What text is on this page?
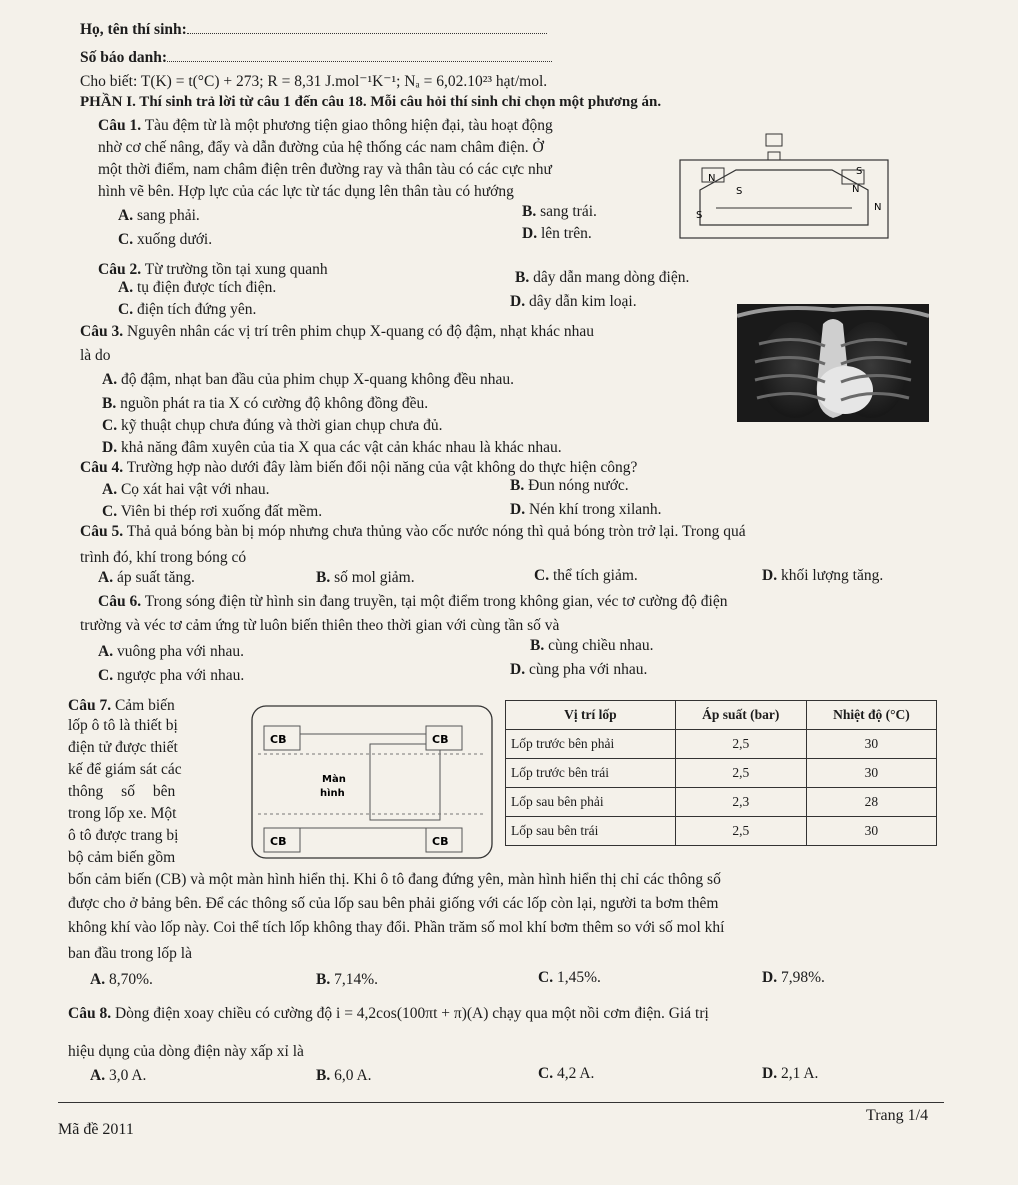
Họ, tên thí sinh:
Số báo danh:
Cho biết: T(K) = t(°C) + 273; R = 8,31 J.mol⁻¹K⁻¹; Nₐ = 6,02.10²³ hạt/mol.
PHẦN I. Thí sinh trả lời từ câu 1 đến câu 18. Mỗi câu hỏi thí sinh chỉ chọn một phương án.
Câu 1. Tàu đệm từ là một phương tiện giao thông hiện đại, tàu hoạt động
nhờ cơ chế nâng, đẩy và dẫn đường của hệ thống các nam châm điện. Ở
một thời điểm, nam châm điện trên đường ray và thân tàu có các cực như
hình vẽ bên. Hợp lực của các lực từ tác dụng lên thân tàu có hướng
A. sang phải.	B. sang trái.
C. xuống dưới.	D. lên trên.
N
S
S
N
S
N
Câu 2. Từ trường tồn tại xung quanh
A. tụ điện được tích điện.
B. dây dẫn mang dòng điện.
C. điện tích đứng yên.	D. dây dẫn kim loại.
Câu 3. Nguyên nhân các vị trí trên phim chụp X-quang có độ đậm, nhạt khác nhau
là do
A. độ đậm, nhạt ban đầu của phim chụp X-quang không đều nhau.
B. nguồn phát ra tia X có cường độ không đồng đều.
C. kỹ thuật chụp chưa đúng và thời gian chụp chưa đủ.
D. khả năng đâm xuyên của tia X qua các vật cản khác nhau là khác nhau.
Câu 4. Trường hợp nào dưới đây làm biến đổi nội năng của vật không do thực hiện công?
A. Cọ xát hai vật với nhau.	B. Đun nóng nước.
C. Viên bi thép rơi xuống đất mềm.	D. Nén khí trong xilanh.
Câu 5. Thả quả bóng bàn bị móp nhưng chưa thủng vào cốc nước nóng thì quả bóng tròn trở lại. Trong quá
trình đó, khí trong bóng có
A. áp suất tăng.	B. số mol giảm.	C. thể tích giảm.	D. khối lượng tăng.
Câu 6. Trong sóng điện từ hình sin đang truyền, tại một điểm trong không gian, véc tơ cường độ điện
trường và véc tơ cảm ứng từ luôn biến thiên theo thời gian với cùng tần số và
A. vuông pha với nhau.	B. cùng chiều nhau.
C. ngược pha với nhau.	D. cùng pha với nhau.
Câu 7. Cảm biến
lốp ô tô là thiết bị
điện tử được thiết
kế để giám sát các
thông số bên
trong lốp xe. Một
ô tô được trang bị
bộ cảm biến gồm
CB	CB
CB	CB
Màn
hình
Vị trí lốp	Áp suất (bar)	Nhiệt độ (°C)
Lốp trước bên phải	2,5	30
Lốp trước bên trái	2,5	30
Lốp sau bên phải	2,3	28
Lốp sau bên trái	2,5	30
bốn cảm biến (CB) và một màn hình hiển thị. Khi ô tô đang đứng yên, màn hình hiển thị chỉ các thông số
được cho ở bảng bên. Để các thông số của lốp sau bên phải giống với các lốp còn lại, người ta bơm thêm
không khí vào lốp này. Coi thể tích lốp không thay đổi. Phần trăm số mol khí bơm thêm so với số mol khí
ban đầu trong lốp là
A. 8,70%.	B. 7,14%.	C. 1,45%.	D. 7,98%.
Câu 8. Dòng điện xoay chiều có cường độ i = 4,2cos(100πt + π)(A) chạy qua một nồi cơm điện. Giá trị
hiệu dụng của dòng điện này xấp xỉ là
A. 3,0 A.	B. 6,0 A.	C. 4,2 A.	D. 2,1 A.
Mã đề 2011
Trang 1/4
